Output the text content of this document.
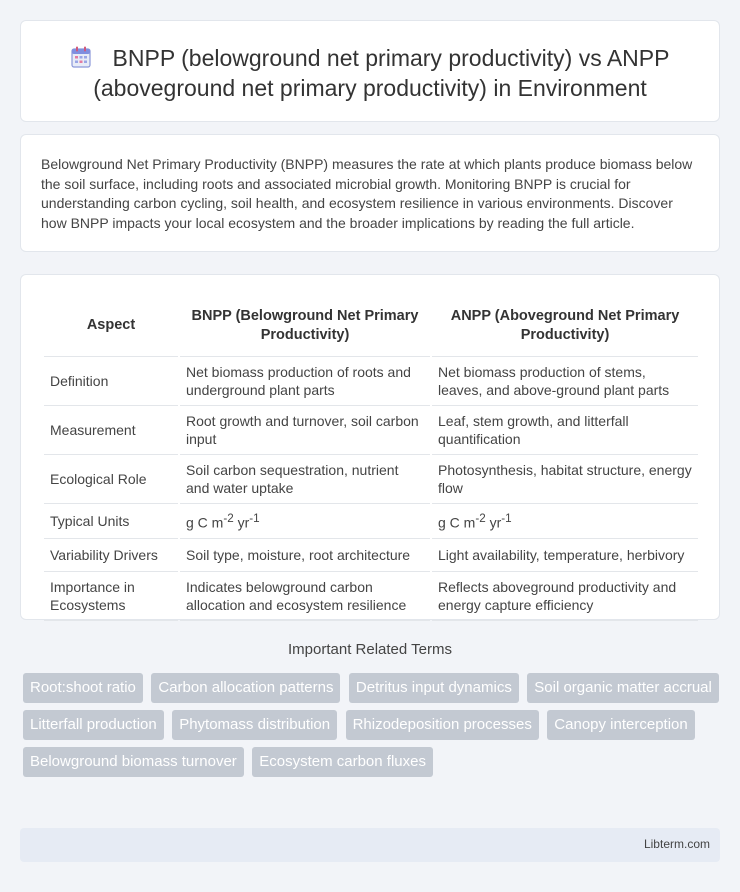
BNPP (belowground net primary productivity) vs ANPP (aboveground net primary productivity) in Environment

Belowground Net Primary Productivity (BNPP) measures the rate at which plants produce biomass below the soil surface, including roots and associated microbial growth. Monitoring BNPP is crucial for understanding carbon cycling, soil health, and ecosystem resilience in various environments. Discover how BNPP impacts your local ecosystem and the broader implications by reading the full article.

Aspect	BNPP (Belowground Net Primary Productivity)	ANPP (Aboveground Net Primary Productivity)
Definition	Net biomass production of roots and underground plant parts	Net biomass production of stems, leaves, and above-ground plant parts
Measurement	Root growth and turnover, soil carbon input	Leaf, stem growth, and litterfall quantification
Ecological Role	Soil carbon sequestration, nutrient and water uptake	Photosynthesis, habitat structure, energy flow
Typical Units	g C $m^{-2}$ $yr^{-1}$	g C $m^{-2}$ $yr^{-1}$
Variability Drivers	Soil type, moisture, root architecture	Light availability, temperature, herbivory
Importance in Ecosystems	Indicates belowground carbon allocation and ecosystem resilience	Reflects aboveground productivity and energy capture efficiency
Important Related Terms
Root:shoot ratio Carbon allocation patterns Detritus input dynamics Soil organic matter accrual Litterfall production Phytomass distribution Rhizodeposition processes Canopy interception Belowground biomass turnover Ecosystem carbon fluxes
Libterm.com
